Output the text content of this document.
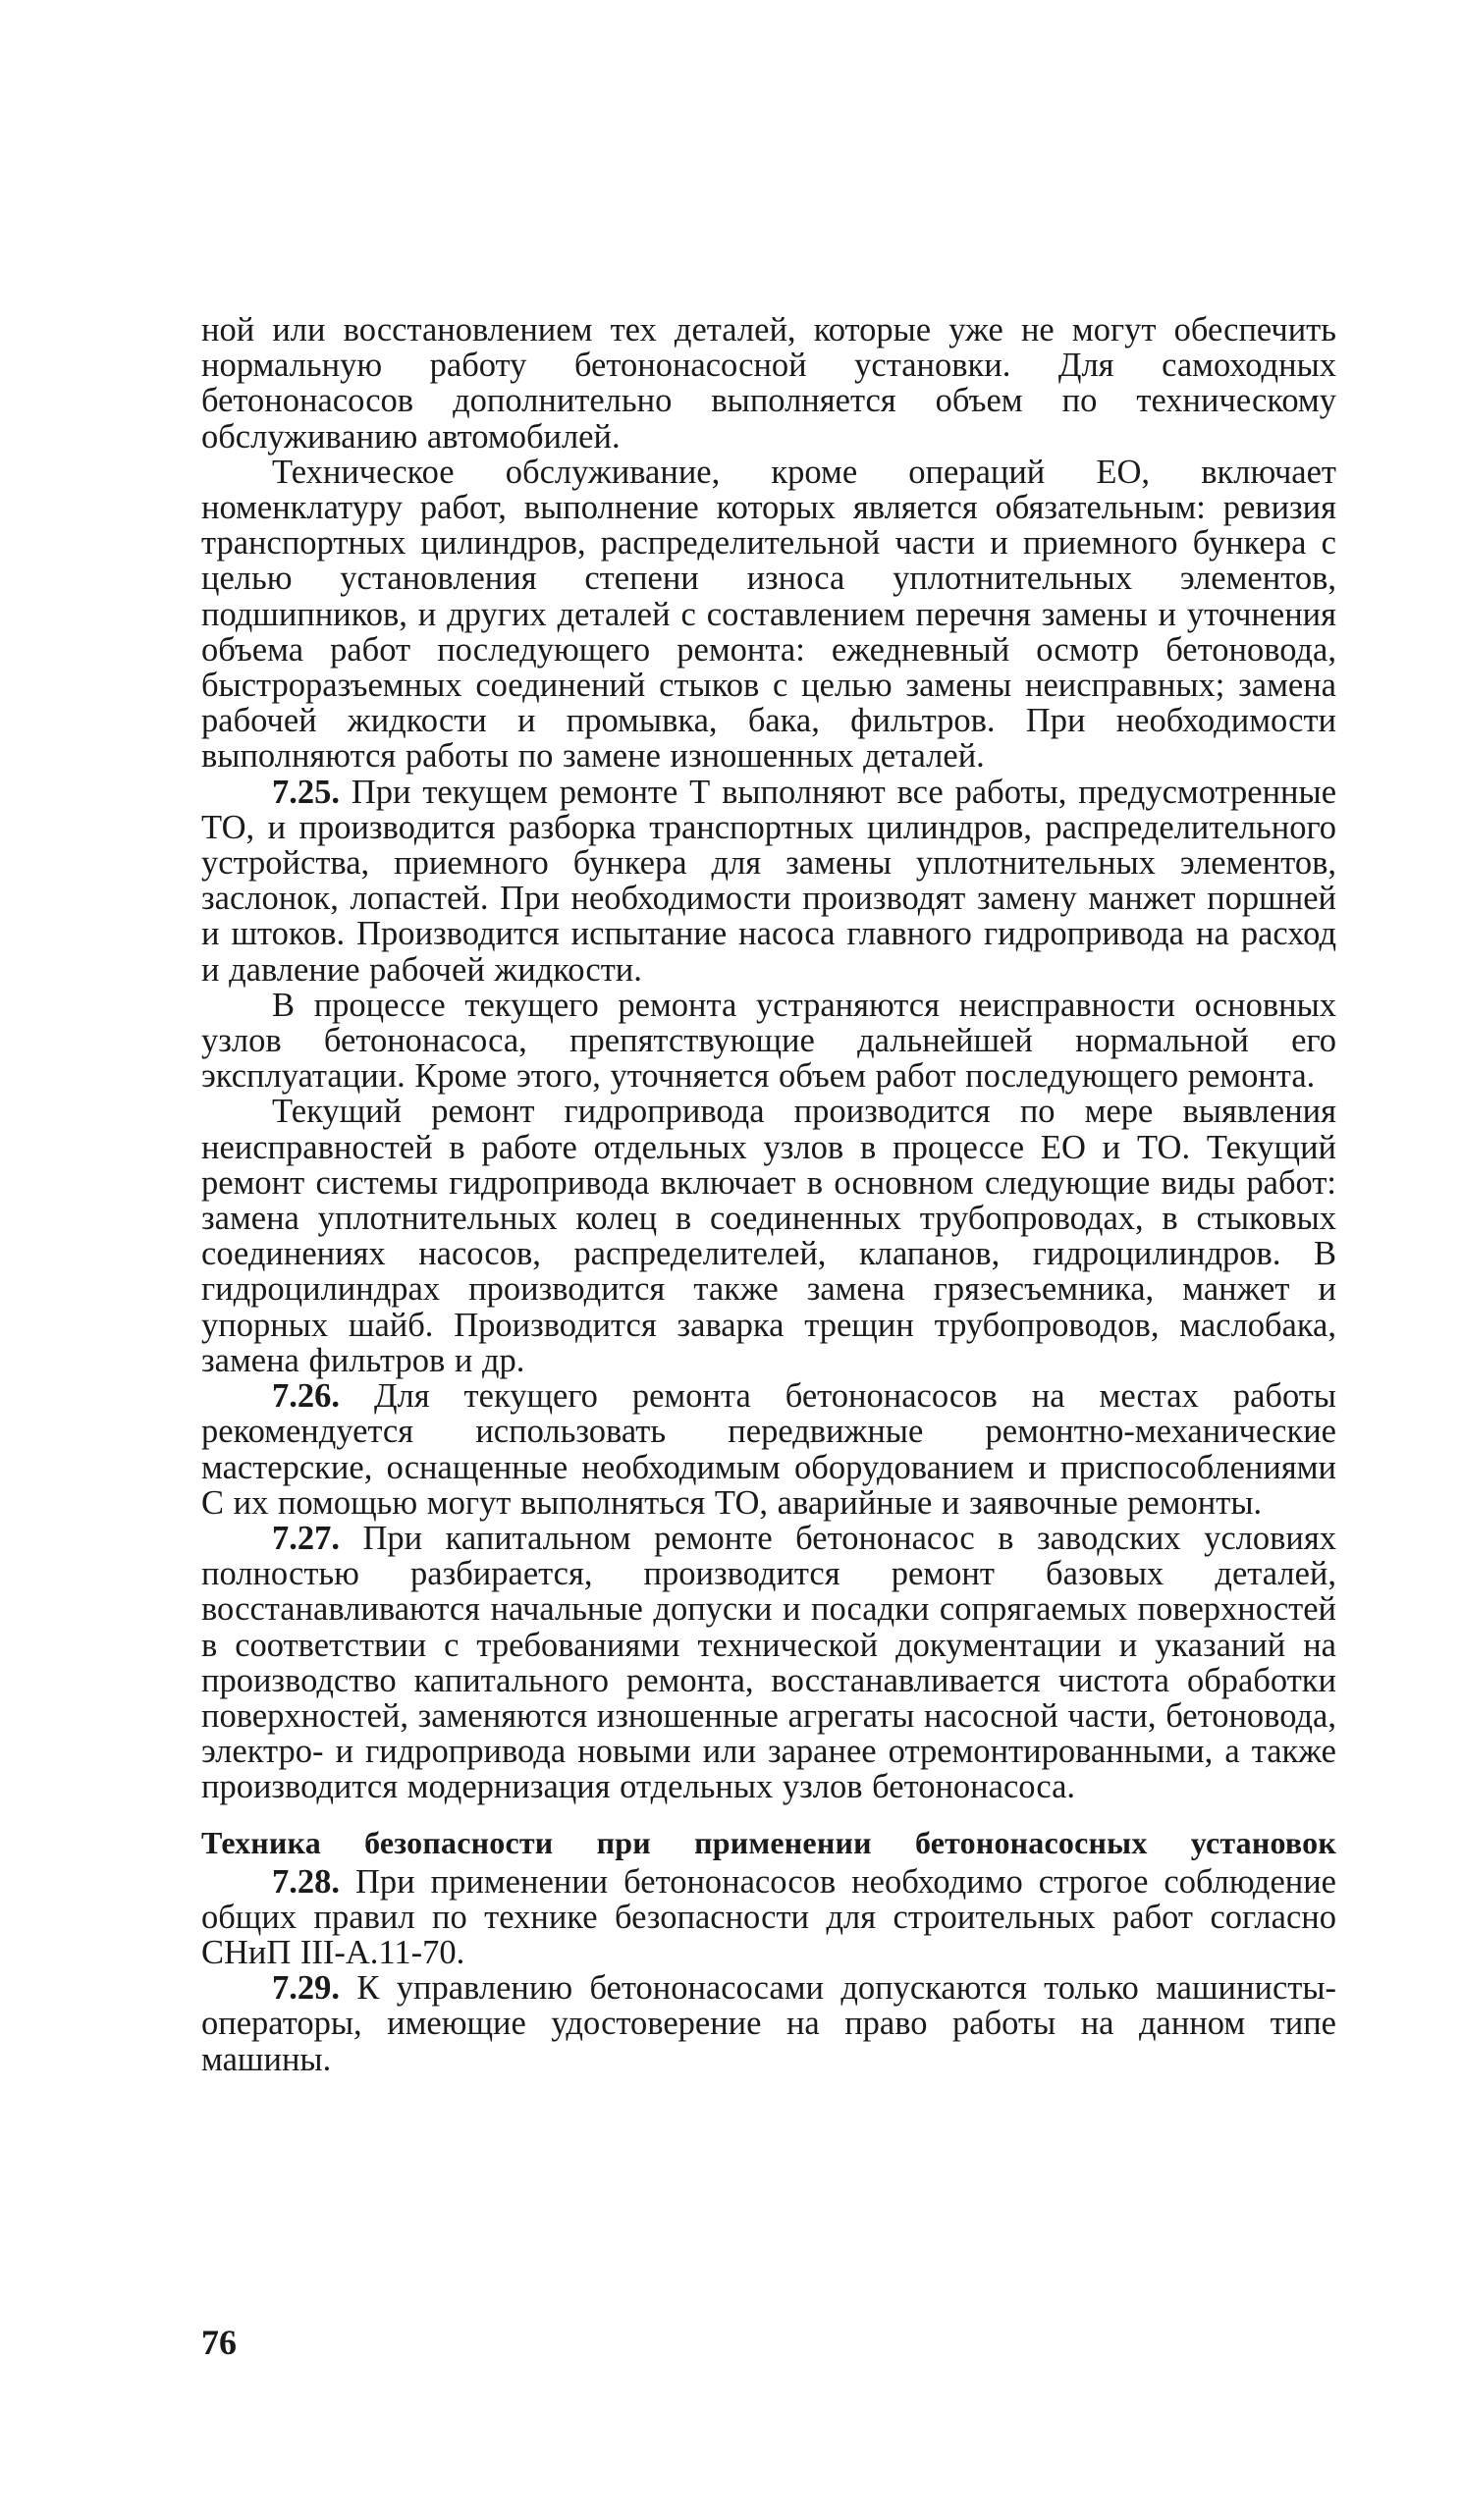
ной или восстановлением тех деталей, которые уже не могут обеспечить нормальную работу бетононасосной установки. Для самоходных бетононасосов дополнительно выполняется объем по техническому обслуживанию автомобилей.

Техническое обслуживание, кроме операций ЕО, включает номенклатуру работ, выполнение которых является обязательным: ревизия транспортных цилиндров, распределительной части и приемного бункера с целью установления степени износа уплотнительных элементов, подшипников, и других деталей с составлением перечня замены и уточнения объема работ последующего ремонта: ежедневный осмотр бетоновода, быстроразъемных соединений стыков с целью замены неисправных; замена рабочей жидкости и промывка, бака, фильтров. При необходимости выполняются работы по замене изношенных деталей.

7.25. При текущем ремонте Т выполняют все работы, предусмотренные ТО, и производится разборка транспортных цилиндров, распределительного устройства, приемного бункера для замены уплотнительных элементов, заслонок, лопастей. При необходимости производят замену манжет поршней и штоков. Производится испытание насоса главного гидропривода на расход и давление рабочей жидкости.

В процессе текущего ремонта устраняются неисправности основных узлов бетононасоса, препятствующие дальнейшей нормальной его эксплуатации. Кроме этого, уточняется объем работ последующего ремонта.

Текущий ремонт гидропривода производится по мере выявления неисправностей в работе отдельных узлов в процессе ЕО и ТО. Текущий ремонт системы гидропривода включает в основном следующие виды работ: замена уплотнительных колец в соединенных трубопроводах, в стыковых соединениях насосов, распределителей, клапанов, гидроцилиндров. В гидроцилиндрах производится также замена грязесъемника, манжет и упорных шайб. Производится заварка трещин трубопроводов, маслобака, замена фильтров и др.

7.26. Для текущего ремонта бетононасосов на местах работы рекомендуется использовать передвижные ремонтно-механические мастерские, оснащенные необходимым оборудованием и приспособлениями С их помощью могут выполняться ТО, аварийные и заявочные ремонты.

7.27. При капитальном ремонте бетононасос в заводских условиях полностью разбирается, производится ремонт базовых деталей, восстанавливаются начальные допуски и посадки сопрягаемых поверхностей в соответствии с требованиями технической документации и указаний на производство капитального ремонта, восстанавливается чистота обработки поверхностей, заменяются изношенные агрегаты насосной части, бетоновода, электро- и гидропривода новыми или заранее отремонтированными, а также производится модернизация отдельных узлов бетононасоса.

Техника безопасности при применении бетононасосных установок

7.28. При применении бетононасосов необходимо строгое соблюдение общих правил по технике безопасности для строительных работ согласно СНиП III-А.11-70.

7.29. К управлению бетононасосами допускаются только машинисты-операторы, имеющие удостоверение на право работы на данном типе машины.

76
